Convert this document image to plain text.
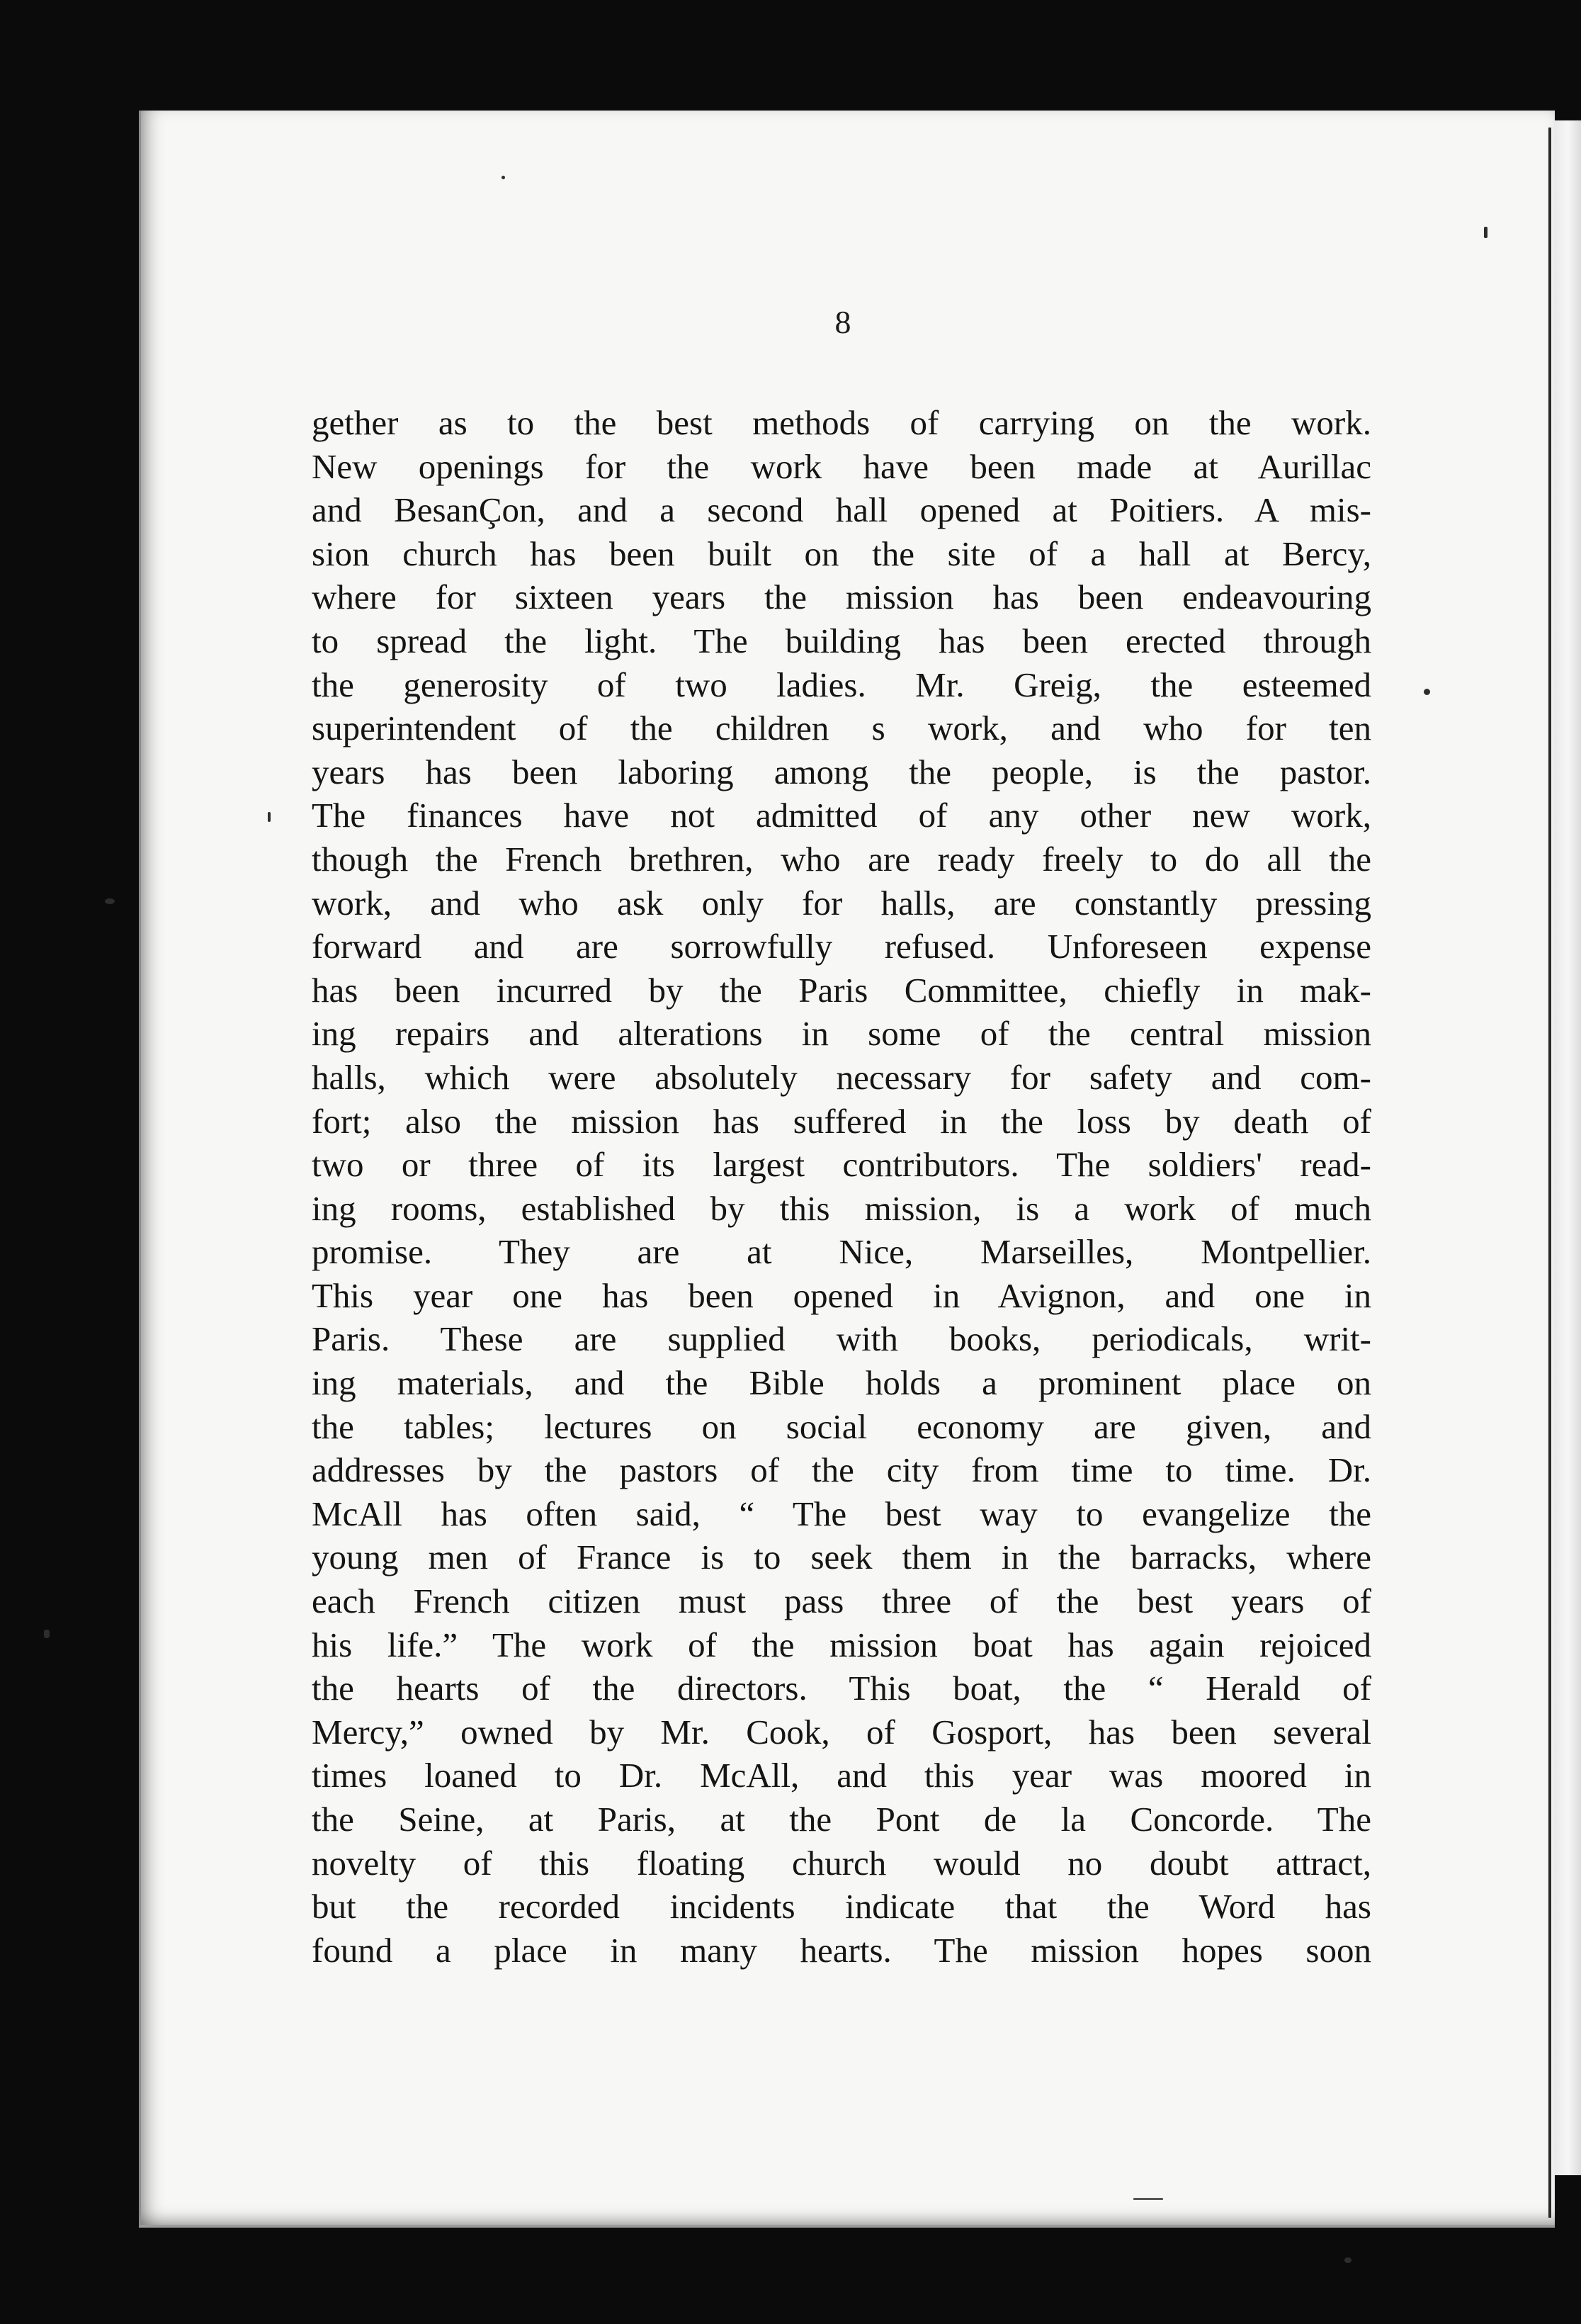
8
gether as to the best methods of carrying on the work.
New openings for the work have been made at Aurillac
and BesanÇon, and a second hall opened at Poitiers. A mis-
sion church has been built on the site of a hall at Bercy,
where for sixteen years the mission has been endeavouring
to spread the light. The building has been erected through
the generosity of two ladies. Mr. Greig, the esteemed
superintendent of the children s work, and who for ten
years has been laboring among the people, is the pastor.
The finances have not admitted of any other new work,
though the French brethren, who are ready freely to do all the
work, and who ask only for halls, are constantly pressing
forward and are sorrowfully refused. Unforeseen expense
has been incurred by the Paris Committee, chiefly in mak-
ing repairs and alterations in some of the central mission
halls, which were absolutely necessary for safety and com-
fort; also the mission has suffered in the loss by death of
two or three of its largest contributors. The soldiers' read-
ing rooms, established by this mission, is a work of much
promise. They are at Nice, Marseilles, Montpellier.
This year one has been opened in Avignon, and one in
Paris. These are supplied with books, periodicals, writ-
ing materials, and the Bible holds a prominent place on
the tables; lectures on social economy are given, and
addresses by the pastors of the city from time to time. Dr.
McAll has often said, “ The best way to evangelize the
young men of France is to seek them in the barracks, where
each French citizen must pass three of the best years of
his life.” The work of the mission boat has again rejoiced
the hearts of the directors. This boat, the “ Herald of
Mercy,” owned by Mr. Cook, of Gosport, has been several
times loaned to Dr. McAll, and this year was moored in
the Seine, at Paris, at the Pont de la Concorde. The
novelty of this floating church would no doubt attract,
but the recorded incidents indicate that the Word has
found a place in many hearts. The mission hopes soon
